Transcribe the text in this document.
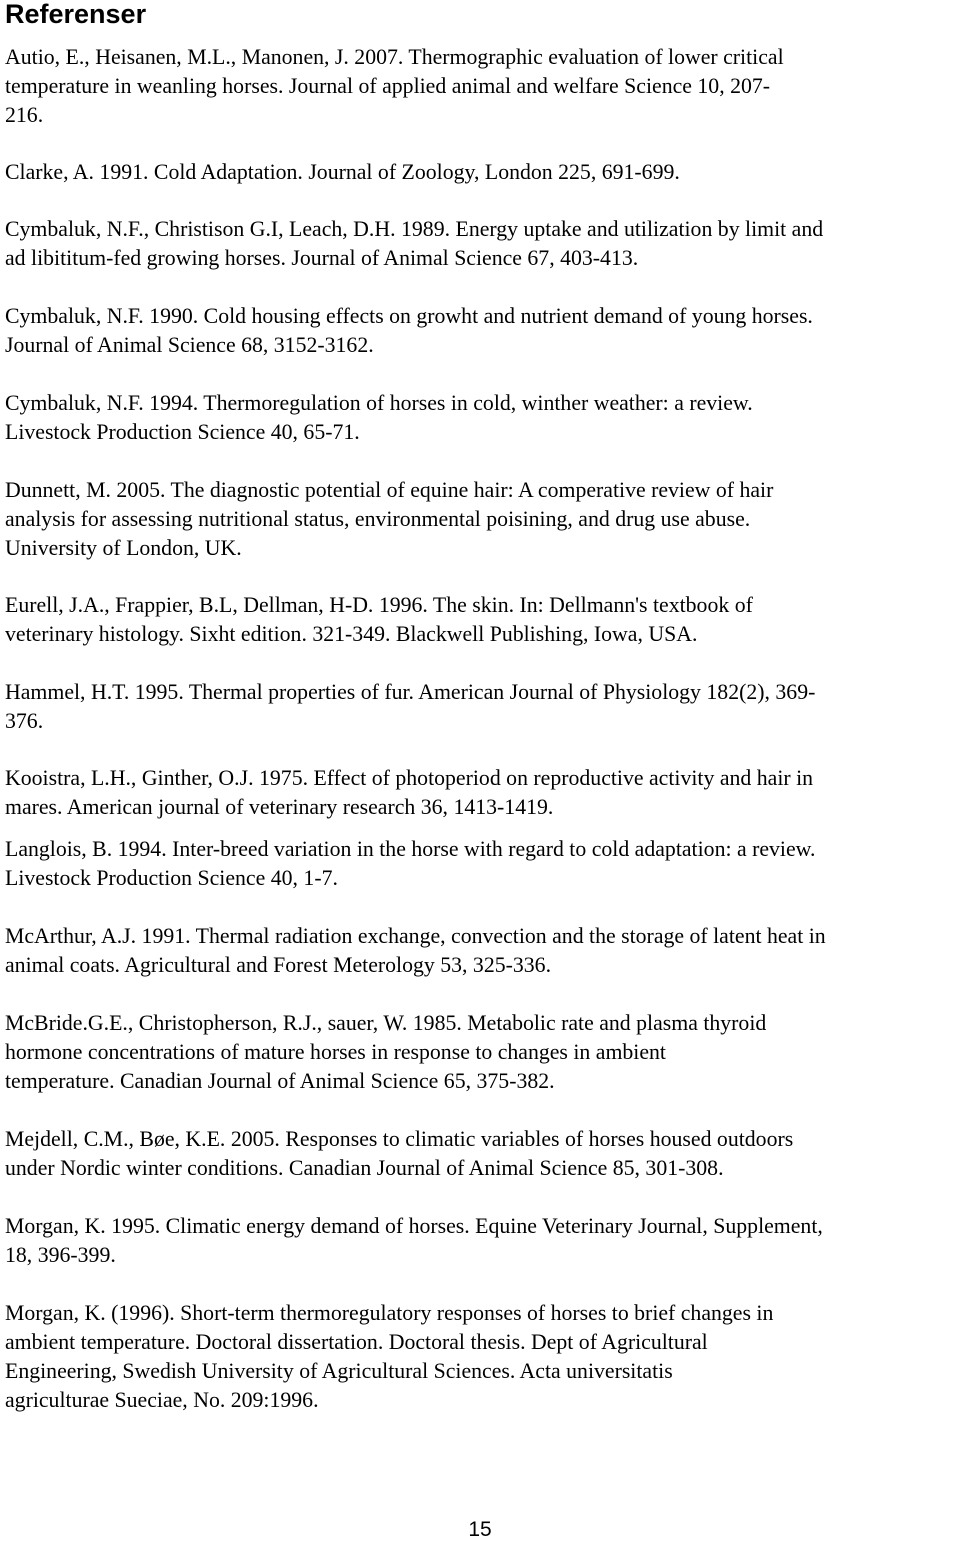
Referenser
Autio, E., Heisanen, M.L., Manonen, J. 2007. Thermographic evaluation of lower critical
temperature in weanling horses. Journal of applied animal and welfare Science 10, 207-
216.
Clarke, A. 1991. Cold Adaptation. Journal of Zoology, London 225, 691-699.
Cymbaluk, N.F., Christison G.I, Leach, D.H. 1989. Energy uptake and utilization by limit and
ad libititum-fed growing horses. Journal of Animal Science 67, 403-413.
Cymbaluk, N.F. 1990. Cold housing effects on growht and nutrient demand of young horses.
Journal of Animal Science 68, 3152-3162.
Cymbaluk, N.F. 1994. Thermoregulation of horses in cold, winther weather: a review.
Livestock Production Science 40, 65-71.
Dunnett, M. 2005. The diagnostic potential of equine hair: A comperative review of hair
analysis for assessing nutritional status, environmental poisining, and drug use abuse.
University of London, UK.
Eurell, J.A., Frappier, B.L, Dellman, H-D. 1996. The skin. In: Dellmann's textbook of
veterinary histology. Sixht edition. 321-349. Blackwell Publishing, Iowa, USA.
Hammel, H.T. 1995. Thermal properties of fur. American Journal of Physiology 182(2), 369-
376.
Kooistra, L.H., Ginther, O.J. 1975. Effect of photoperiod on reproductive activity and hair in
mares. American journal of veterinary research 36, 1413-1419.
Langlois, B. 1994. Inter-breed variation in the horse with regard to cold adaptation: a review.
Livestock Production Science 40, 1-7.
McArthur, A.J. 1991. Thermal radiation exchange, convection and the storage of latent heat in
animal coats. Agricultural and Forest Meterology 53, 325-336.
McBride.G.E., Christopherson, R.J., sauer, W. 1985. Metabolic rate and plasma thyroid
hormone concentrations of mature horses in response to changes in ambient
temperature. Canadian Journal of Animal Science 65, 375-382.
Mejdell, C.M., Bøe, K.E. 2005. Responses to climatic variables of horses housed outdoors
under Nordic winter conditions. Canadian Journal of Animal Science 85, 301-308.
Morgan, K. 1995. Climatic energy demand of horses. Equine Veterinary Journal, Supplement,
18, 396-399.
Morgan, K. (1996). Short-term thermoregulatory responses of horses to brief changes in
ambient temperature. Doctoral dissertation. Doctoral thesis. Dept of Agricultural
Engineering, Swedish University of Agricultural Sciences. Acta universitatis
agriculturae Sueciae, No. 209:1996.
15
